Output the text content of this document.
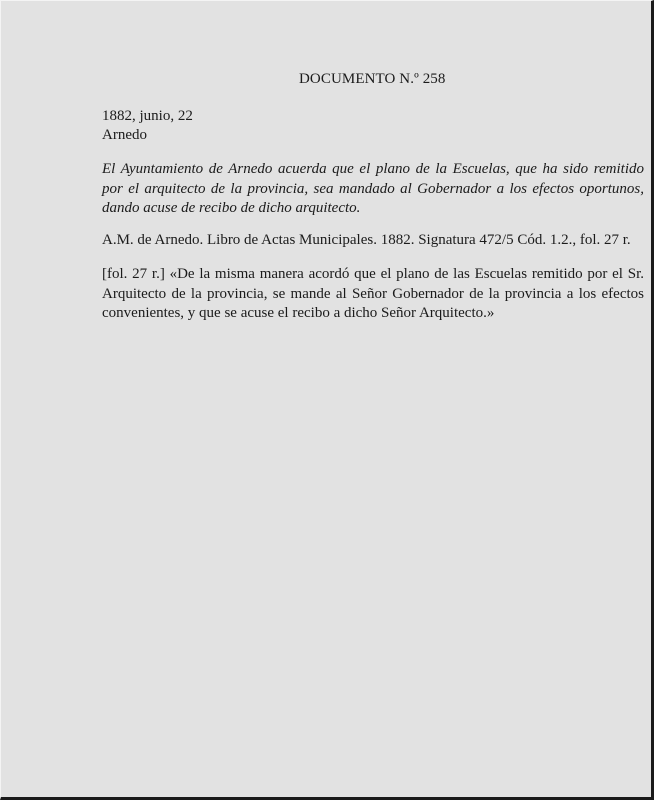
DOCUMENTO N.º 258
1882, junio, 22
Arnedo
El Ayuntamiento de Arnedo acuerda que el plano de la Escuelas, que ha sido remitido
por el arquitecto de la provincia, sea mandado al Gobernador a los efectos oportunos,
dando acuse de recibo de dicho arquitecto.
A.M. de Arnedo. Libro de Actas Municipales. 1882. Signatura 472/5 Cód. 1.2., fol. 27 r.
[fol. 27 r.] «De la misma manera acordó que el plano de las Escuelas remitido por el Sr.
Arquitecto de la provincia, se mande al Señor Gobernador de la provincia a los efectos
convenientes, y que se acuse el recibo a dicho Señor Arquitecto.»
